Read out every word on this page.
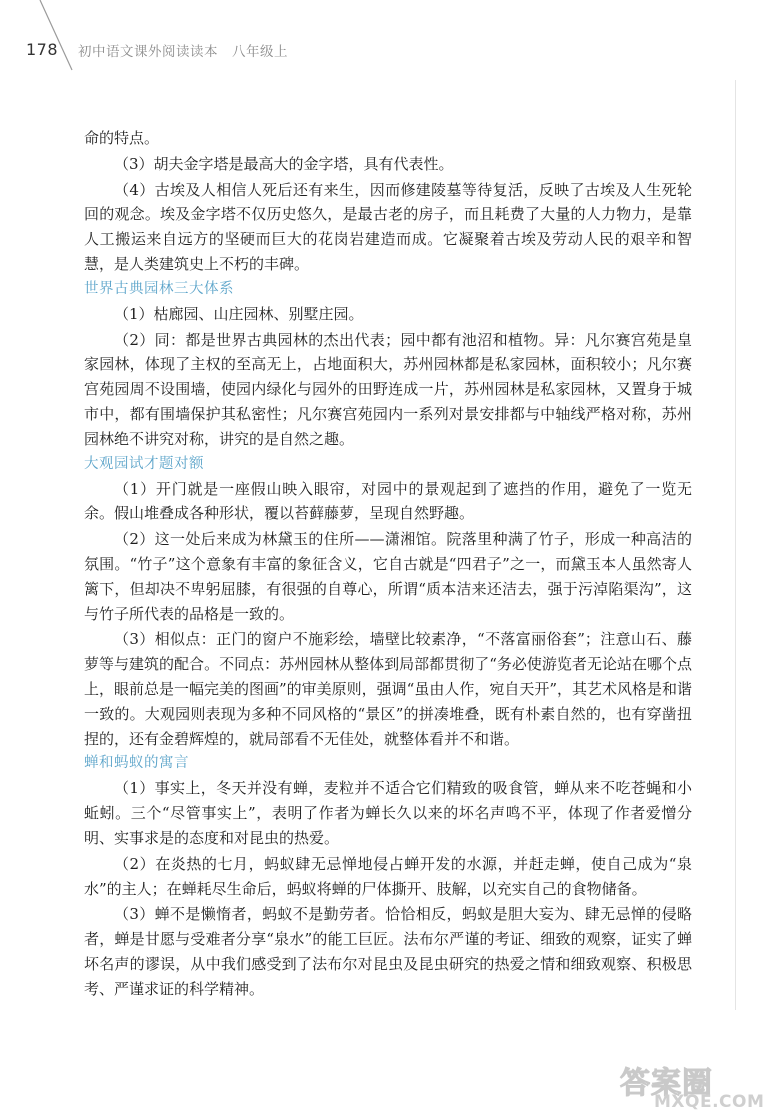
178 初中语文课外阅读读本　八年级上

命的特点。

（3）胡夫金字塔是最高大的金字塔，具有代表性。

（4）古埃及人相信人死后还有来生，因而修建陵墓等待复活，反映了古埃及人生死轮回的观念。埃及金字塔不仅历史悠久，是最古老的房子，而且耗费了大量的人力物力，是靠人工搬运来自远方的坚硬而巨大的花岗岩建造而成。它凝聚着古埃及劳动人民的艰辛和智慧，是人类建筑史上不朽的丰碑。

世界古典园林三大体系

（1）枯廊园、山庄园林、别墅庄园。

（2）同：都是世界古典园林的杰出代表；园中都有池沼和植物。异：凡尔赛宫苑是皇家园林，体现了主权的至高无上，占地面积大，苏州园林都是私家园林，面积较小；凡尔赛宫苑园周不设围墙，使园内绿化与园外的田野连成一片，苏州园林是私家园林，又置身于城市中，都有围墙保护其私密性；凡尔赛宫苑园内一系列对景安排都与中轴线严格对称，苏州园林绝不讲究对称，讲究的是自然之趣。

大观园试才题对额

（1）开门就是一座假山映入眼帘，对园中的景观起到了遮挡的作用，避免了一览无余。假山堆叠成各种形状，覆以苔藓藤萝，呈现自然野趣。

（2）这一处后来成为林黛玉的住所——潇湘馆。院落里种满了竹子，形成一种高洁的氛围。“竹子”这个意象有丰富的象征含义，它自古就是“四君子”之一，而黛玉本人虽然寄人篱下，但却决不卑躬屈膝，有很强的自尊心，所谓“质本洁来还洁去，强于污淖陷渠沟”，这与竹子所代表的品格是一致的。

（3）相似点：正门的窗户不施彩绘，墙壁比较素净，“不落富丽俗套”；注意山石、藤萝等与建筑的配合。不同点：苏州园林从整体到局部都贯彻了“务必使游览者无论站在哪个点上，眼前总是一幅完美的图画”的审美原则，强调“虽由人作，宛自天开”，其艺术风格是和谐一致的。大观园则表现为多种不同风格的“景区”的拼凑堆叠，既有朴素自然的，也有穿凿扭捏的，还有金碧辉煌的，就局部看不无佳处，就整体看并不和谐。

蝉和蚂蚁的寓言

（1）事实上，冬天并没有蝉，麦粒并不适合它们精致的吸食管，蝉从来不吃苍蝇和小蚯蚓。三个“尽管事实上”，表明了作者为蝉长久以来的坏名声鸣不平，体现了作者爱憎分明、实事求是的态度和对昆虫的热爱。

（2）在炎热的七月，蚂蚁肆无忌惮地侵占蝉开发的水源，并赶走蝉，使自己成为“泉水”的主人；在蝉耗尽生命后，蚂蚁将蝉的尸体撕开、肢解，以充实自己的食物储备。

（3）蝉不是懒惰者，蚂蚁不是勤劳者。恰恰相反，蚂蚁是胆大妄为、肆无忌惮的侵略者，蝉是甘愿与受难者分享“泉水”的能工巨匠。法布尔严谨的考证、细致的观察，证实了蝉坏名声的谬误，从中我们感受到了法布尔对昆虫及昆虫研究的热爱之情和细致观察、积极思考、严谨求证的科学精神。

答案圈
MXQE.COM
